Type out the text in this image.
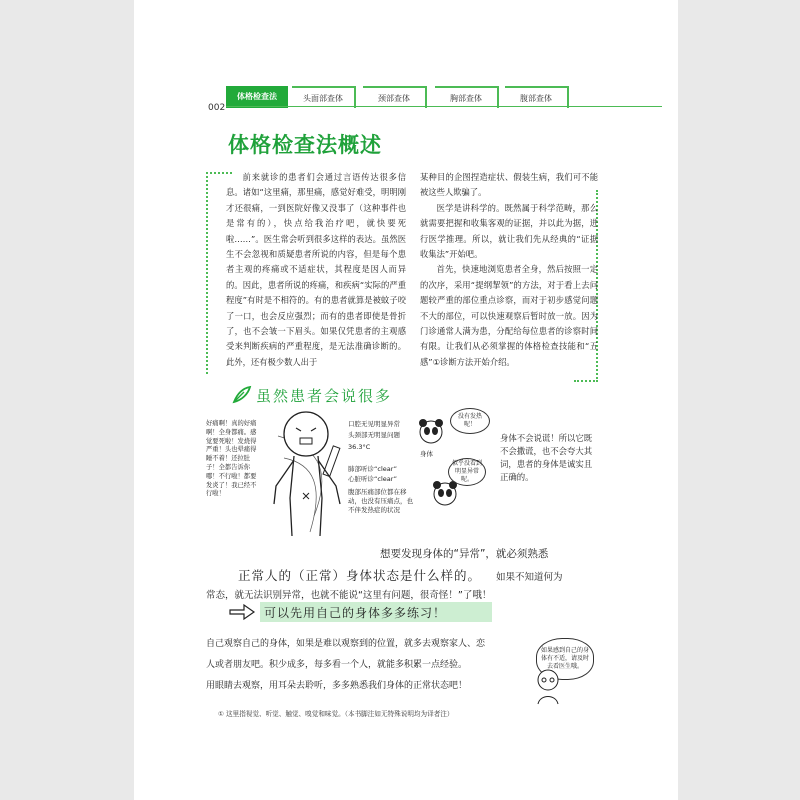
002
体格检查法	头面部查体	颈部查体	胸部查体	腹部查体
体格检查法概述

前来就诊的患者们会通过言语传达很多信息。诸如“这里痛，那里痛，感觉好难受，明明刚才还很痛，一到医院好像又没事了（这种事件也是常有的），快点给我治疗吧，就快要死啦……”。医生常会听到很多这样的表达。虽然医生不会忽视和质疑患者所说的内容，但是每个患者主观的疼痛或不适症状，其程度是因人而异的。因此，患者所说的疼痛，和疾病“实际的严重程度”有时是不相符的。有的患者就算是被蚊子咬了一口，也会反应强烈；而有的患者即使是骨折了，也不会皱一下眉头。如果仅凭患者的主观感受来判断疾病的严重程度，是无法准确诊断的。此外，还有极少数人出于

某种目的企图捏造症状、假装生病，我们可不能被这些人欺骗了。

医学是讲科学的。既然属于科学范畴，那么就需要把握和收集客观的证据，并以此为据，进行医学推理。所以，就让我们先从经典的“证据收集法”开始吧。

首先，快速地浏览患者全身，然后按照一定的次序，采用“提纲挈领”的方法，对于看上去问题较严重的部位重点诊察，而对于初步感觉问题不大的部位，可以快速观察后暂时放一放。因为门诊通常人满为患，分配给每位患者的诊察时间有限。让我们从必须掌握的体格检查技能和“五感”①诊断方法开始介绍。

虽然患者会说很多
好痛啊！真的好痛啊！全身都痛。感觉要死啦！发烧得严重！头也晕痛得睡不着！还拉肚子！全都告诉你哪！不行啦！都要发炎了！我已经不行啦！
口腔无见明显异常
头颈部无明显问题
36.3°C
肺部听诊“clear”
心脏听诊“clear”
腹部压痛部位都在移动，也没有压痛点，也不伴发热症的状况
没有发热呢！
身体
似乎没看到明显异常呢。
身体不会说谎！所以它既不会撒谎，也不会夸大其词，患者的身体是诚实且正确的。
想要发现身体的“异常”，就必须熟悉
正常人的（正常）身体状态是什么样的。 如果不知道何为
常态，就无法识别异常，也就不能说“这里有问题，很奇怪！”了哦！
可以先用自己的身体多多练习！
自己观察自己的身体，如果是难以观察到的位置，就多去观察家人、恋
人或者朋友吧。积少成多，每多看一个人，就能多积累一点经验。
用眼睛去观察，用耳朵去聆听，多多熟悉我们身体的正常状态吧！
如果感到自己的身体有不适，请及时去看医生哦。
① 这里指视觉、听觉、触觉、嗅觉和味觉。（本书脚注如无特殊说明均为译者注）
